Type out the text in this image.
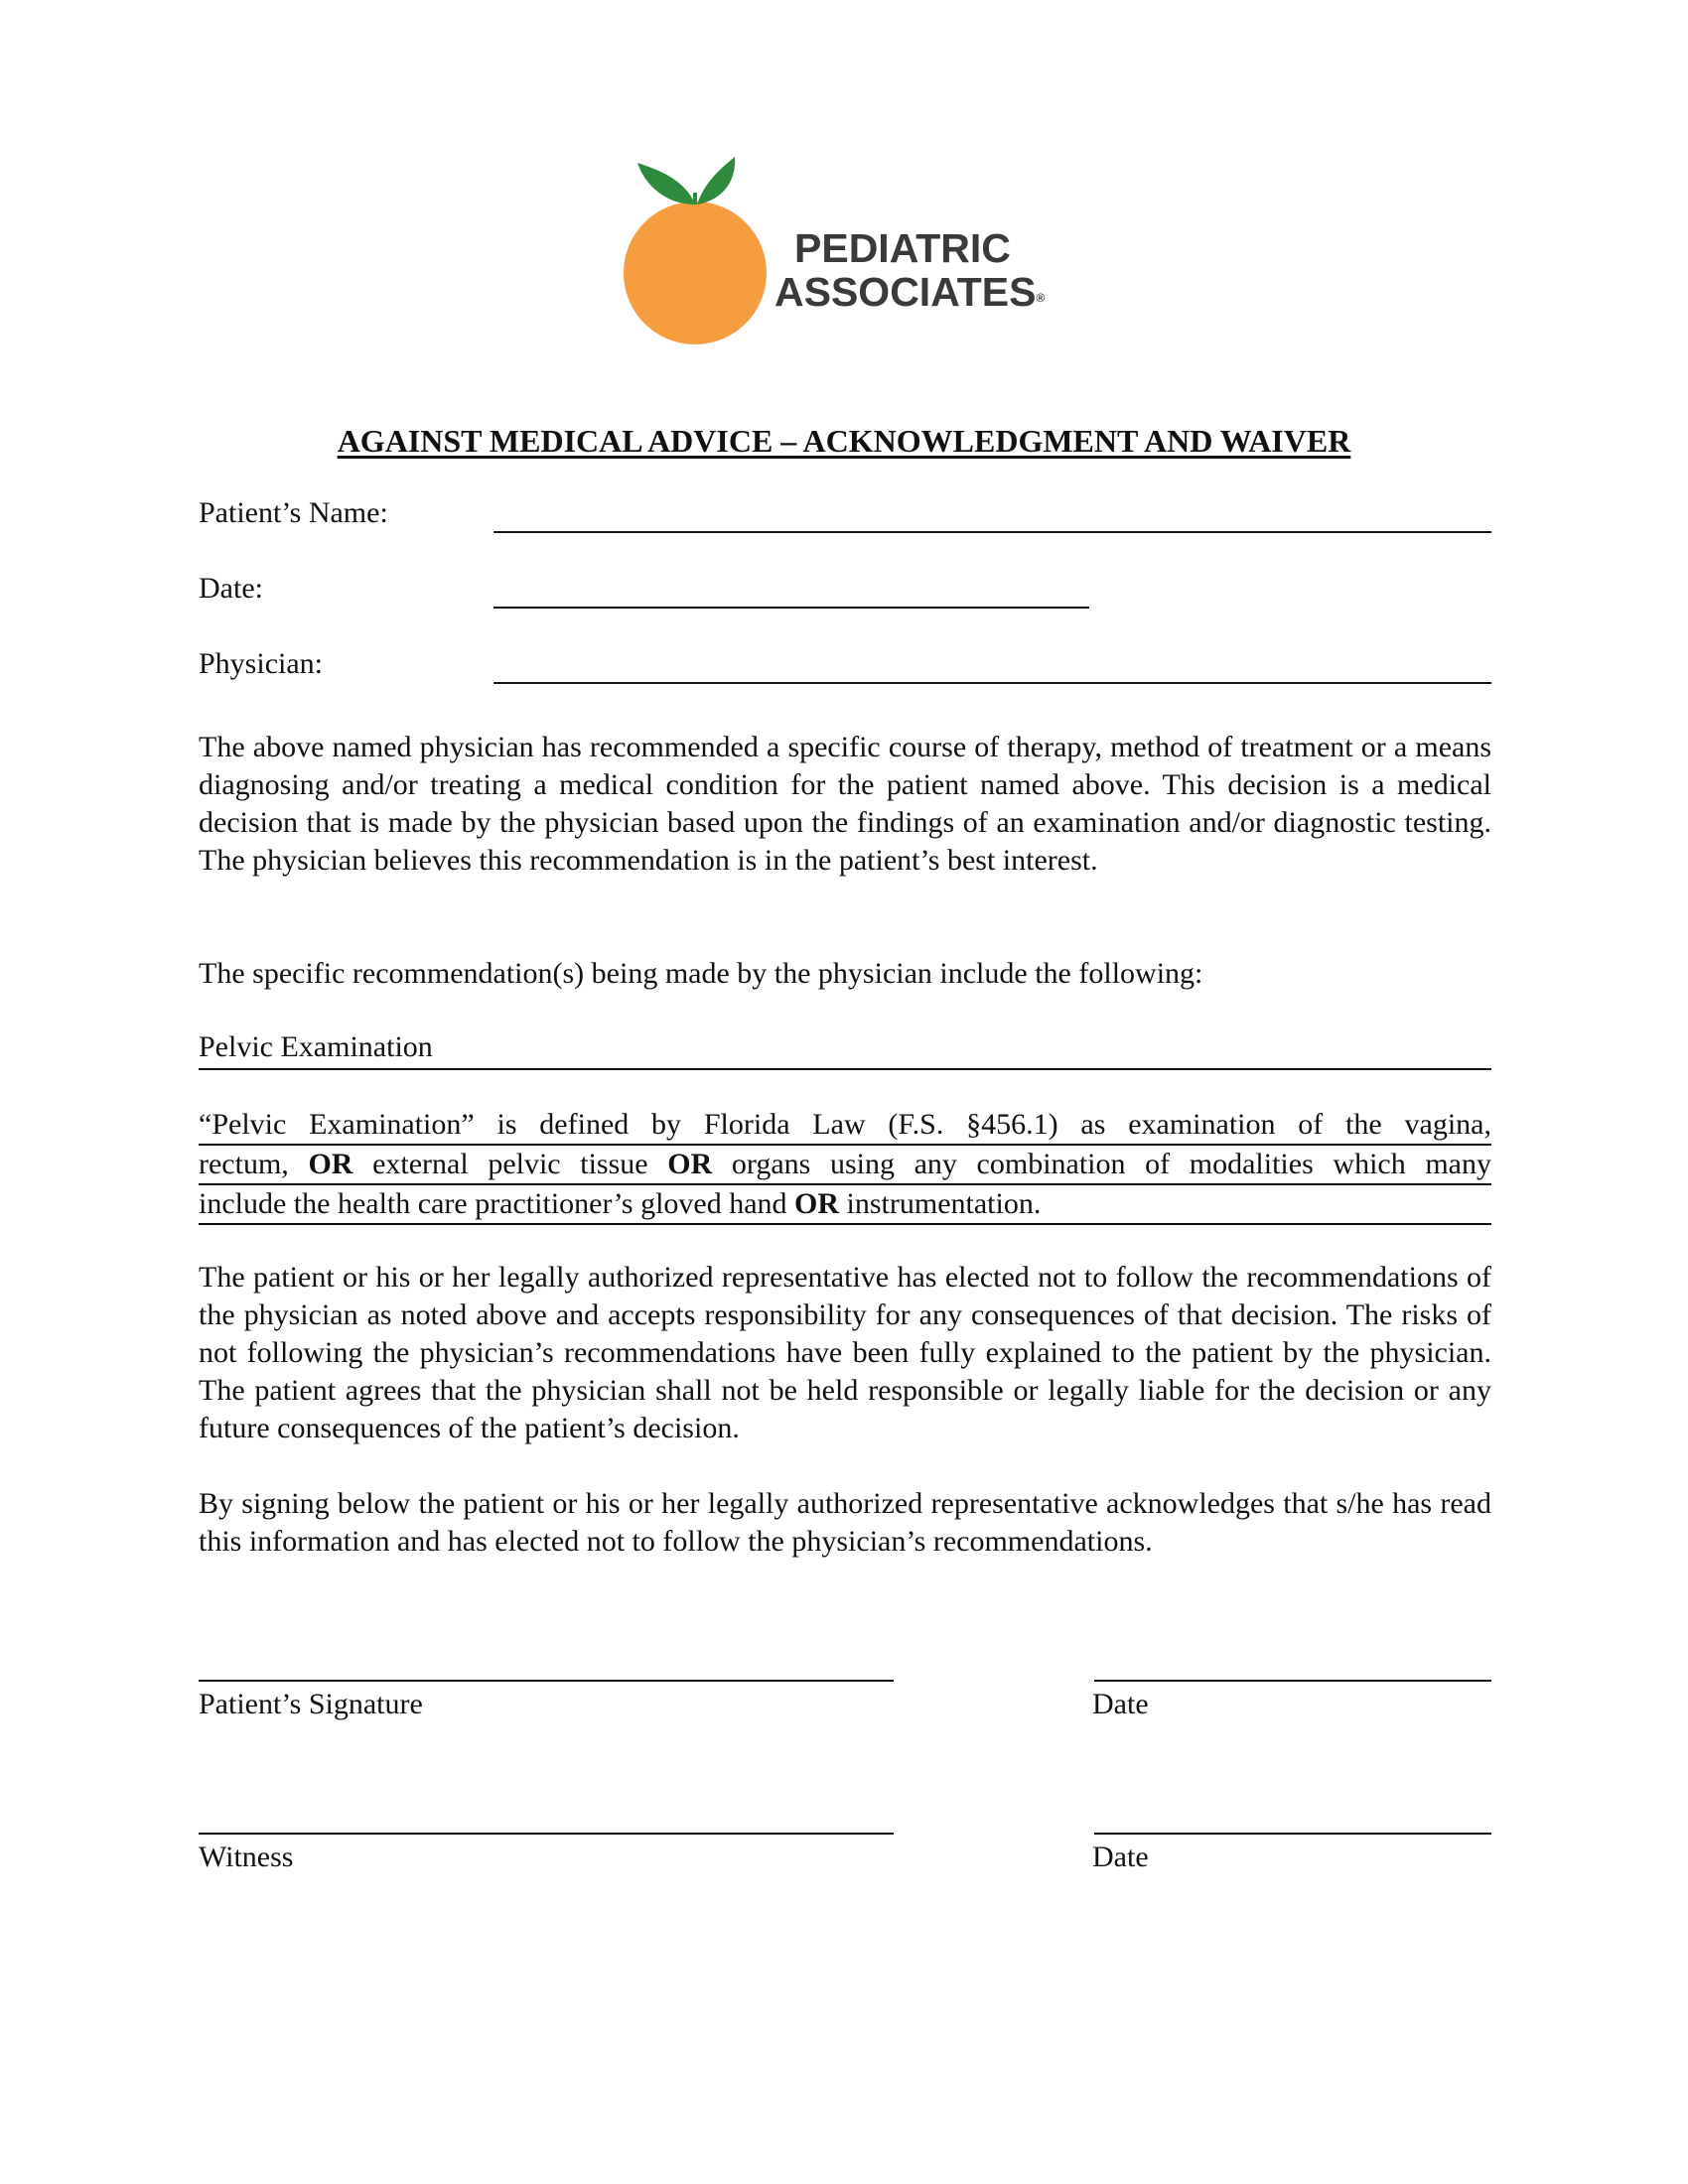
PEDIATRIC
ASSOCIATES®
AGAINST MEDICAL ADVICE – ACKNOWLEDGMENT AND WAIVER
Patient’s Name:
Date:
Physician:
The above named physician has recommended a specific course of therapy, method of treatment or a means diagnosing and/or treating a medical condition for the patient named above. This decision is a medical decision that is made by the physician based upon the findings of an examination and/or diagnostic testing. The physician believes this recommendation is in the patient’s best interest.
The specific recommendation(s) being made by the physician include the following:
Pelvic Examination
“Pelvic Examination” is defined by Florida Law (F.S. §456.1) as examination of the vagina,
rectum, OR external pelvic tissue OR organs using any combination of modalities which many
include the health care practitioner’s gloved hand OR instrumentation.
The patient or his or her legally authorized representative has elected not to follow the recommendations of the physician as noted above and accepts responsibility for any consequences of that decision. The risks of not following the physician’s recommendations have been fully explained to the patient by the physician. The patient agrees that the physician shall not be held responsible or legally liable for the decision or any future consequences of the patient’s decision.
By signing below the patient or his or her legally authorized representative acknowledges that s/he has read this information and has elected not to follow the physician’s recommendations.
Patient’s Signature	Date
Witness	Date
